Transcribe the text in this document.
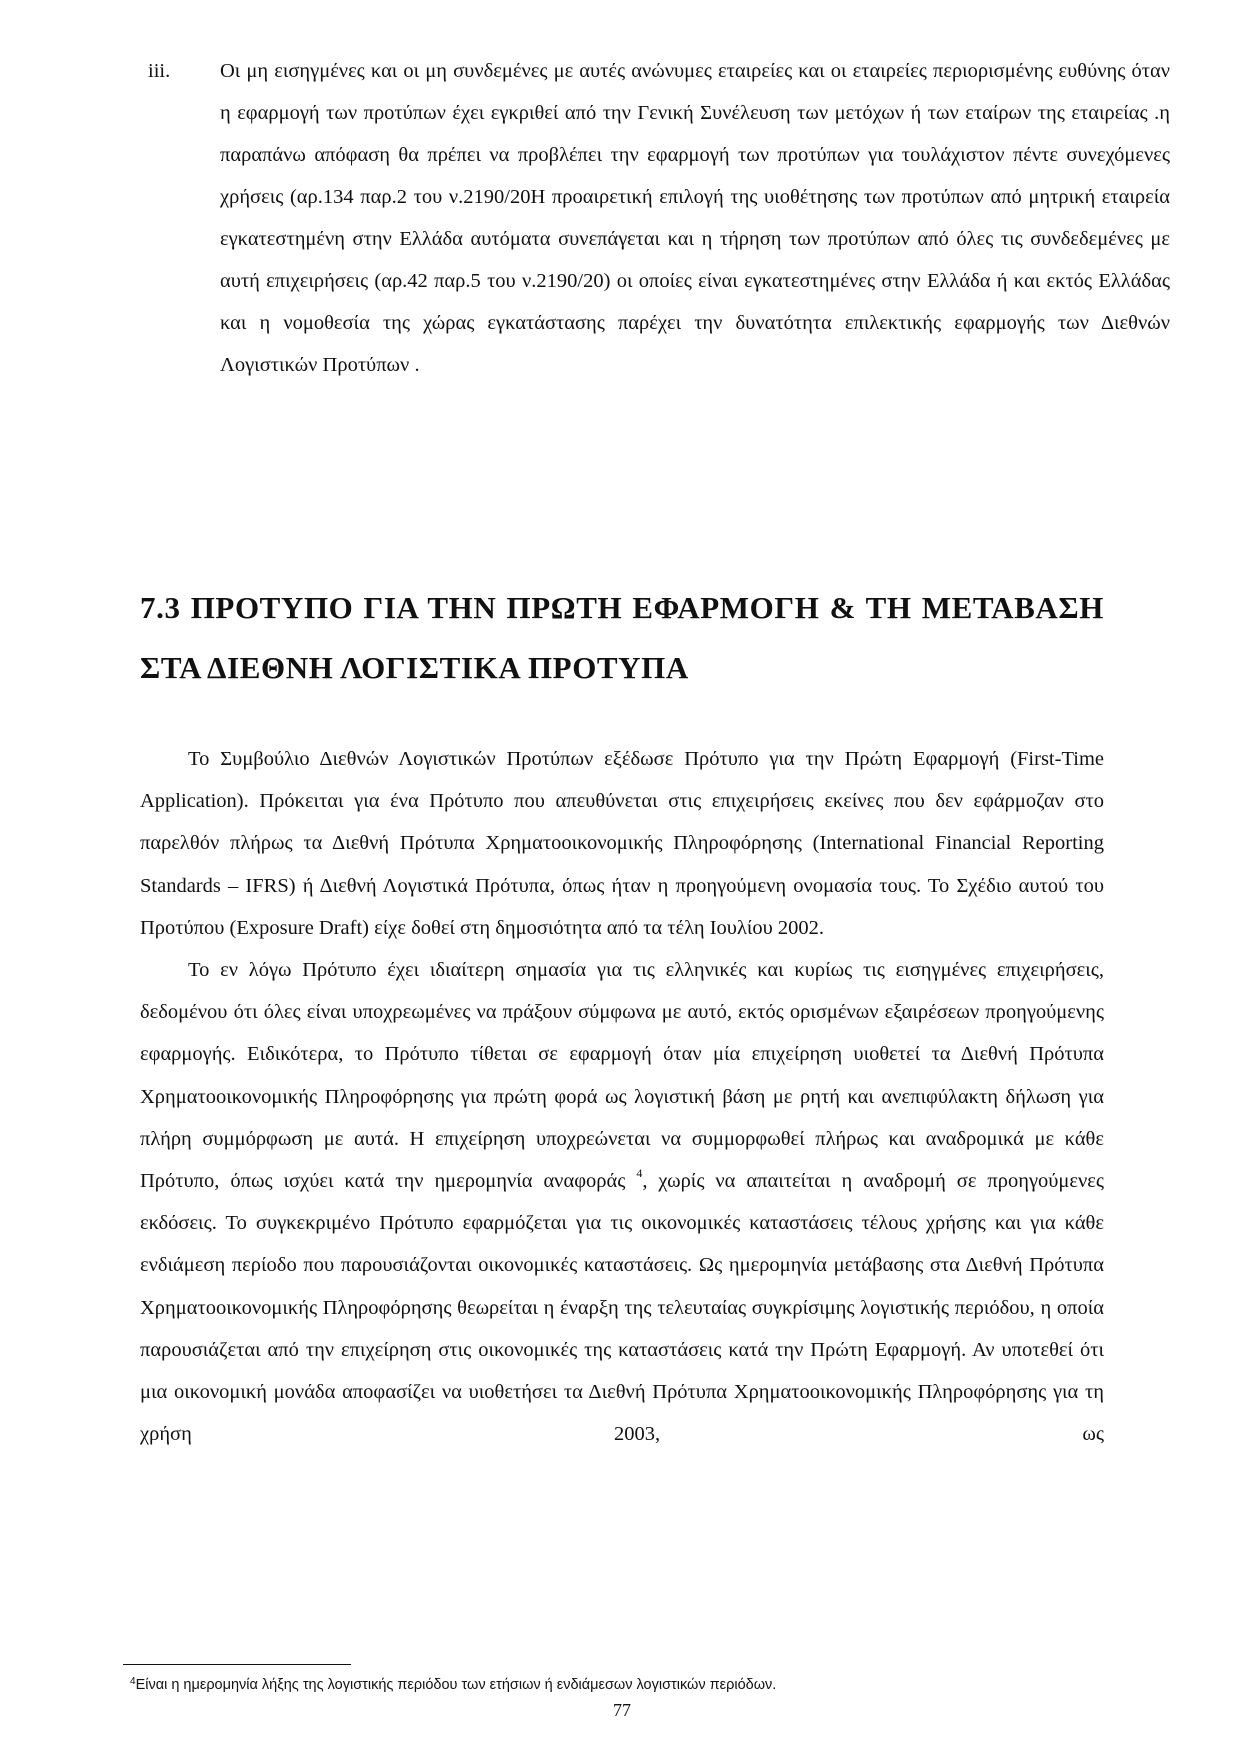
iii. Οι μη εισηγμένες και οι μη συνδεμένες με αυτές ανώνυμες εταιρείες και οι εταιρείες περιορισμένης ευθύνης όταν η εφαρμογή των προτύπων έχει εγκριθεί από την Γενική Συνέλευση των μετόχων ή των εταίρων της εταιρείας .η παραπάνω απόφαση θα πρέπει να προβλέπει την εφαρμογή των προτύπων για τουλάχιστον πέντε συνεχόμενες χρήσεις (αρ.134 παρ.2 του ν.2190/20Η προαιρετική επιλογή της υιοθέτησης των προτύπων από μητρική εταιρεία εγκατεστημένη στην Ελλάδα αυτόματα συνεπάγεται και η τήρηση των προτύπων από όλες τις συνδεδεμένες με αυτή επιχειρήσεις (αρ.42 παρ.5 του ν.2190/20) οι οποίες είναι εγκατεστημένες στην Ελλάδα ή και εκτός Ελλάδας και η νομοθεσία της χώρας εγκατάστασης παρέχει την δυνατότητα επιλεκτικής εφαρμογής των Διεθνών Λογιστικών Προτύπων .
7.3 ΠΡΟΤΥΠΟ ΓΙΑ ΤΗΝ ΠΡΩΤΗ ΕΦΑΡΜΟΓΗ & ΤΗ ΜΕΤΑΒΑΣΗ ΣΤΑ ΔΙΕΘΝΗ ΛΟΓΙΣΤΙΚΑ ΠΡΟΤΥΠΑ

Το Συμβούλιο Διεθνών Λογιστικών Προτύπων εξέδωσε Πρότυπο για την Πρώτη Εφαρμογή (First-Time Application). Πρόκειται για ένα Πρότυπο που απευθύνεται στις επιχειρήσεις εκείνες που δεν εφάρμοζαν στο παρελθόν πλήρως τα Διεθνή Πρότυπα Χρηματοοικονομικής Πληροφόρησης (International Financial Reporting Standards – IFRS) ή Διεθνή Λογιστικά Πρότυπα, όπως ήταν η προηγούμενη ονομασία τους. Το Σχέδιο αυτού του Προτύπου (Exposure Draft) είχε δοθεί στη δημοσιότητα από τα τέλη Ιουλίου 2002.

Το εν λόγω Πρότυπο έχει ιδιαίτερη σημασία για τις ελληνικές και κυρίως τις εισηγμένες επιχειρήσεις, δεδομένου ότι όλες είναι υποχρεωμένες να πράξουν σύμφωνα με αυτό, εκτός ορισμένων εξαιρέσεων προηγούμενης εφαρμογής. Ειδικότερα, το Πρότυπο τίθεται σε εφαρμογή όταν μία επιχείρηση υιοθετεί τα Διεθνή Πρότυπα Χρηματοοικονομικής Πληροφόρησης για πρώτη φορά ως λογιστική βάση με ρητή και ανεπιφύλακτη δήλωση για πλήρη συμμόρφωση με αυτά. Η επιχείρηση υποχρεώνεται να συμμορφωθεί πλήρως και αναδρομικά με κάθε Πρότυπο, όπως ισχύει κατά την ημερομηνία αναφοράς $^4$, χωρίς να απαιτείται η αναδρομή σε προηγούμενες εκδόσεις. Το συγκεκριμένο Πρότυπο εφαρμόζεται για τις οικονομικές καταστάσεις τέλους χρήσης και για κάθε ενδιάμεση περίοδο που παρουσιάζονται οικονομικές καταστάσεις. Ως ημερομηνία μετάβασης στα Διεθνή Πρότυπα Χρηματοοικονομικής Πληροφόρησης θεωρείται η έναρξη της τελευταίας συγκρίσιμης λογιστικής περιόδου, η οποία παρουσιάζεται από την επιχείρηση στις οικονομικές της καταστάσεις κατά την Πρώτη Εφαρμογή. Αν υποτεθεί ότι μια οικονομική μονάδα αποφασίζει να υιοθετήσει τα Διεθνή Πρότυπα Χρηματοοικονομικής Πληροφόρησης για τη χρήση 2003, ως

$^4$Είναι η ημερομηνία λήξης της λογιστικής περιόδου των ετήσιων ή ενδιάμεσων λογιστικών περιόδων.
77
